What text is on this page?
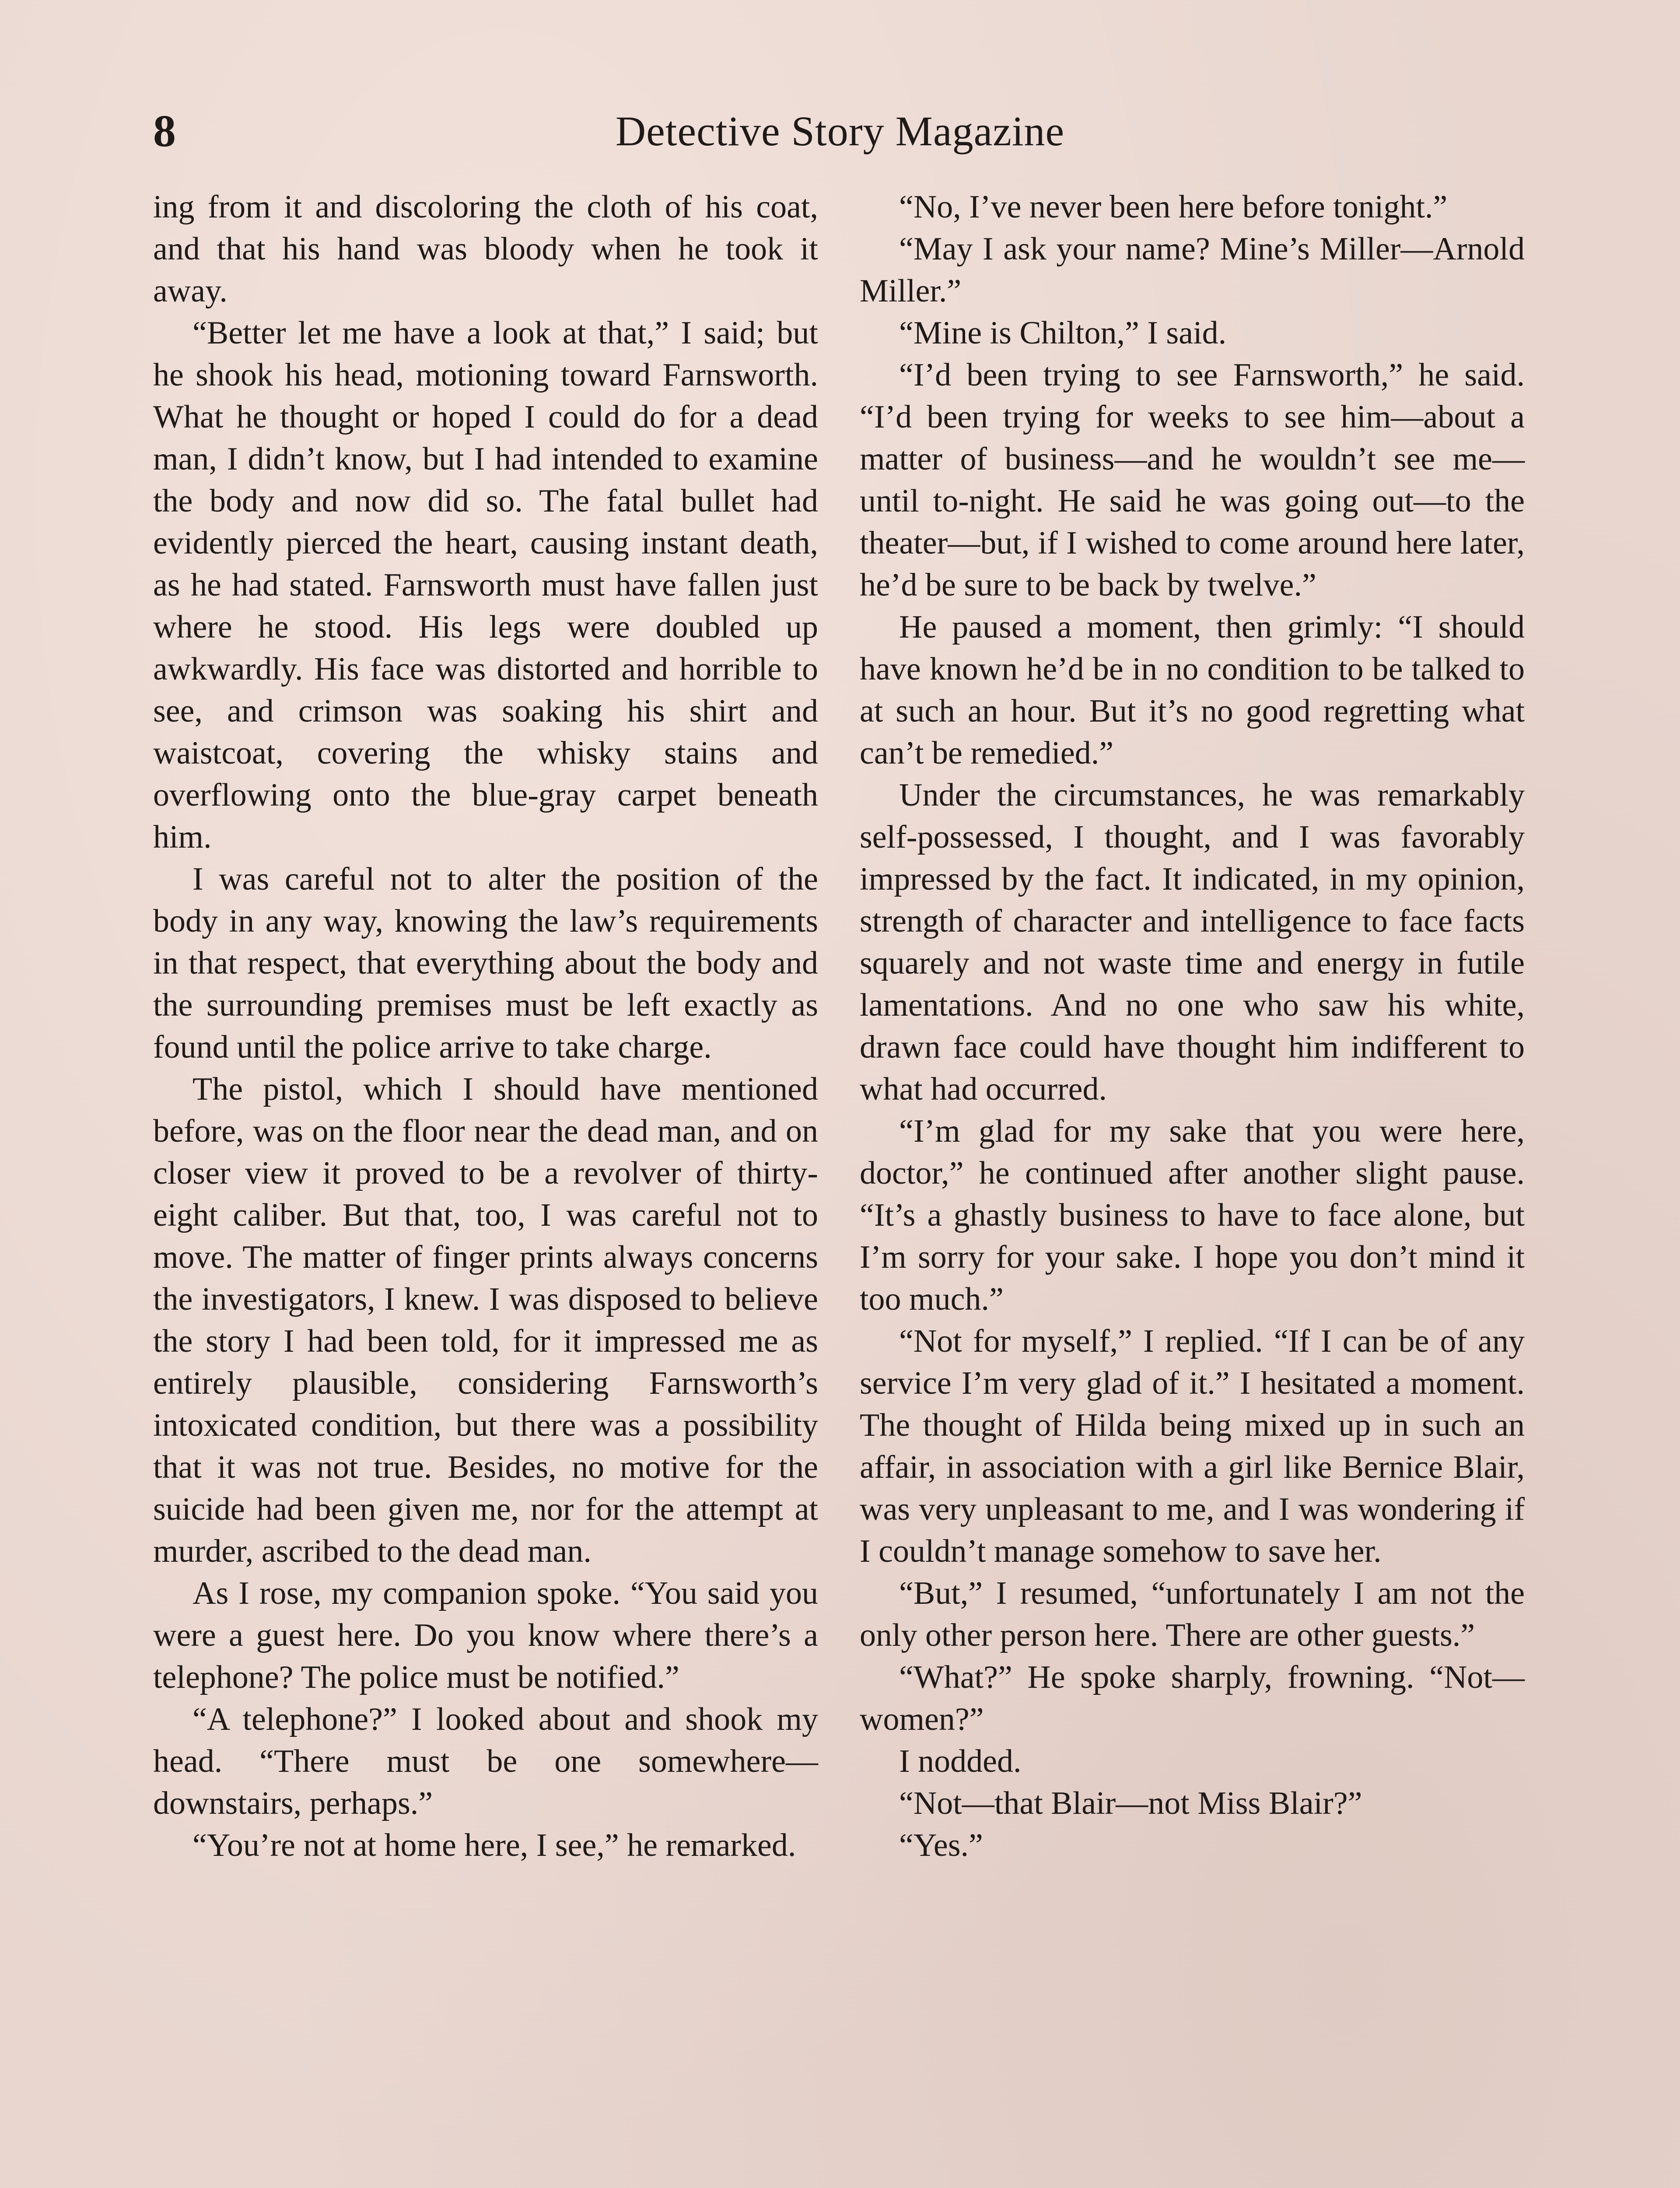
8	Detective Story Magazine

ing from it and discoloring the cloth of his coat, and that his hand was bloody when he took it away.

“Better let me have a look at that,” I said; but he shook his head, motioning toward Farnsworth. What he thought or hoped I could do for a dead man, I didn’t know, but I had intended to examine the body and now did so. The fatal bullet had evidently pierced the heart, causing instant death, as he had stated. Farnsworth must have fallen just where he stood. His legs were doubled up awkwardly. His face was distorted and horrible to see, and crimson was soaking his shirt and waistcoat, covering the whisky stains and overflowing onto the blue-gray carpet beneath him.

I was careful not to alter the position of the body in any way, knowing the law’s requirements in that respect, that everything about the body and the surrounding premises must be left exactly as found until the police arrive to take charge.

The pistol, which I should have mentioned before, was on the floor near the dead man, and on closer view it proved to be a revolver of thirty-eight caliber. But that, too, I was careful not to move. The matter of finger prints always concerns the investigators, I knew. I was disposed to believe the story I had been told, for it impressed me as entirely plausible, considering Farnsworth’s intoxicated condition, but there was a possibility that it was not true. Besides, no motive for the suicide had been given me, nor for the attempt at murder, ascribed to the dead man.

As I rose, my companion spoke. “You said you were a guest here. Do you know where there’s a telephone? The police must be notified.”

“A telephone?” I looked about and shook my head. “There must be one somewhere—downstairs, perhaps.”

“You’re not at home here, I see,” he remarked.

“No, I’ve never been here before tonight.”

“May I ask your name? Mine’s Miller—Arnold Miller.”

“Mine is Chilton,” I said.

“I’d been trying to see Farnsworth,” he said. “I’d been trying for weeks to see him—about a matter of business—and he wouldn’t see me—until to-night. He said he was going out—to the theater—but, if I wished to come around here later, he’d be sure to be back by twelve.”

He paused a moment, then grimly: “I should have known he’d be in no condition to be talked to at such an hour. But it’s no good regretting what can’t be remedied.”

Under the circumstances, he was remarkably self-possessed, I thought, and I was favorably impressed by the fact. It indicated, in my opinion, strength of character and intelligence to face facts squarely and not waste time and energy in futile lamentations. And no one who saw his white, drawn face could have thought him indifferent to what had occurred.

“I’m glad for my sake that you were here, doctor,” he continued after another slight pause. “It’s a ghastly business to have to face alone, but I’m sorry for your sake. I hope you don’t mind it too much.”

“Not for myself,” I replied. “If I can be of any service I’m very glad of it.” I hesitated a moment. The thought of Hilda being mixed up in such an affair, in association with a girl like Bernice Blair, was very unpleasant to me, and I was wondering if I couldn’t manage somehow to save her.

“But,” I resumed, “unfortunately I am not the only other person here. There are other guests.”

“What?” He spoke sharply, frowning. “Not—women?”

I nodded.

“Not—that Blair—not Miss Blair?”

“Yes.”
